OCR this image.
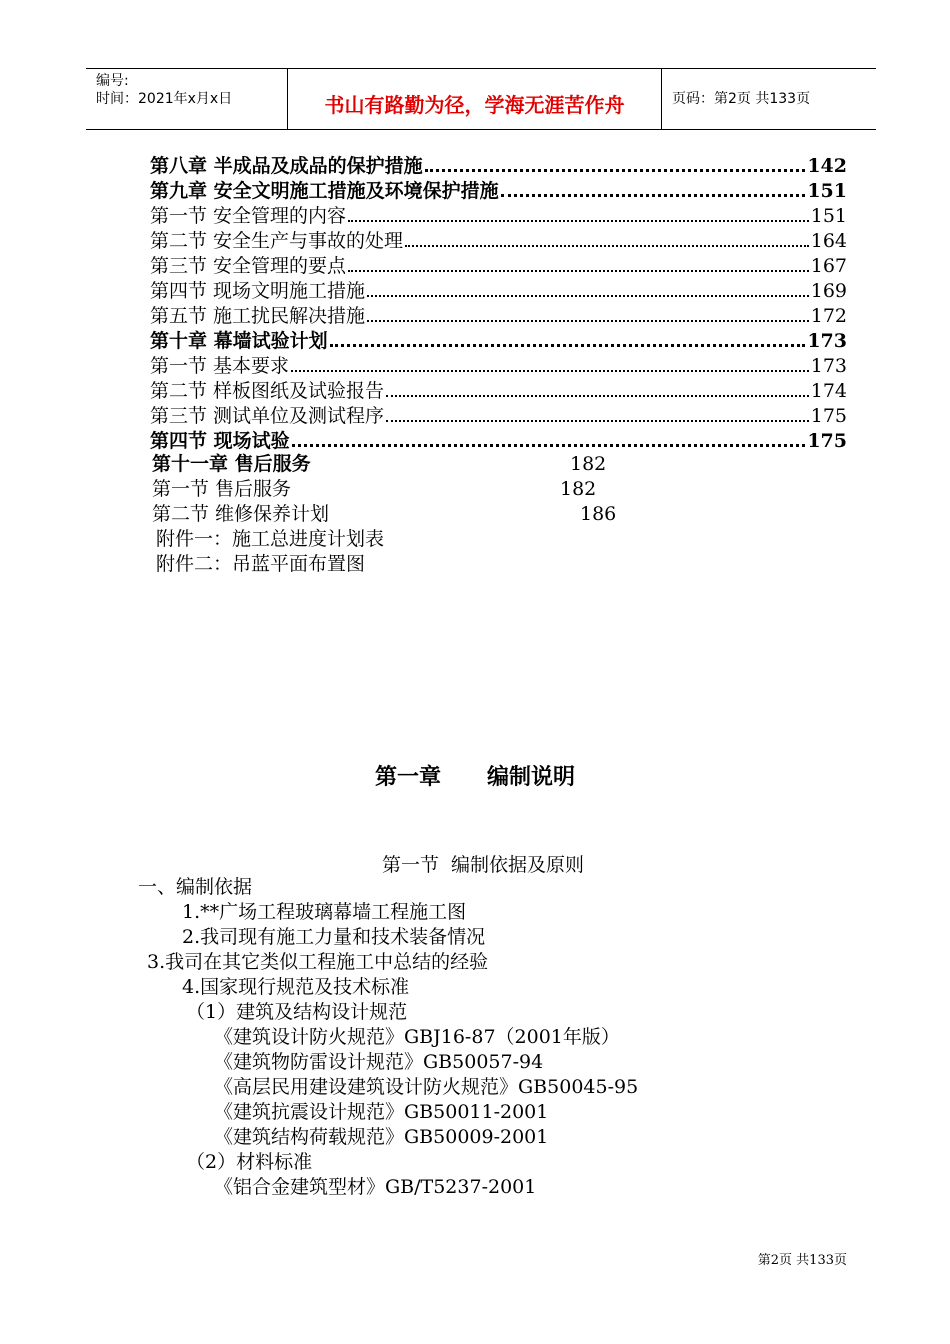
编号:
时间：2021年x月x日	书山有路勤为径，学海无涯苦作舟	页码：第2页 共133页
第八章 半成品及成品的保护措施	142
第九章 安全文明施工措施及环境保护措施	151
第一节 安全管理的内容	151
第二节 安全生产与事故的处理	164
第三节 安全管理的要点	167
第四节 现场文明施工措施	169
第五节 施工扰民解决措施	172
第十章 幕墙试验计划	173
第一节 基本要求	173
第二节 样板图纸及试验报告	174
第三节 测试单位及测试程序	175
第四节 现场试验	175
第十一章 售后服务	182
第一节 售后服务	182
第二节 维修保养计划	186
附件一：施工总进度计划表
附件二：吊蓝平面布置图
第一章      编制说明
第一节  编制依据及原则
一、编制依据
1.**广场工程玻璃幕墙工程施工图
2.我司现有施工力量和技术装备情况
3.我司在其它类似工程施工中总结的经验
4.国家现行规范及技术标准
（1）建筑及结构设计规范
《建筑设计防火规范》GBJ16-87（2001年版）
《建筑物防雷设计规范》GB50057-94
《高层民用建设建筑设计防火规范》GB50045-95
《建筑抗震设计规范》GB50011-2001
《建筑结构荷载规范》GB50009-2001
（2）材料标准
《铝合金建筑型材》GB/T5237-2001
第2页 共133页
